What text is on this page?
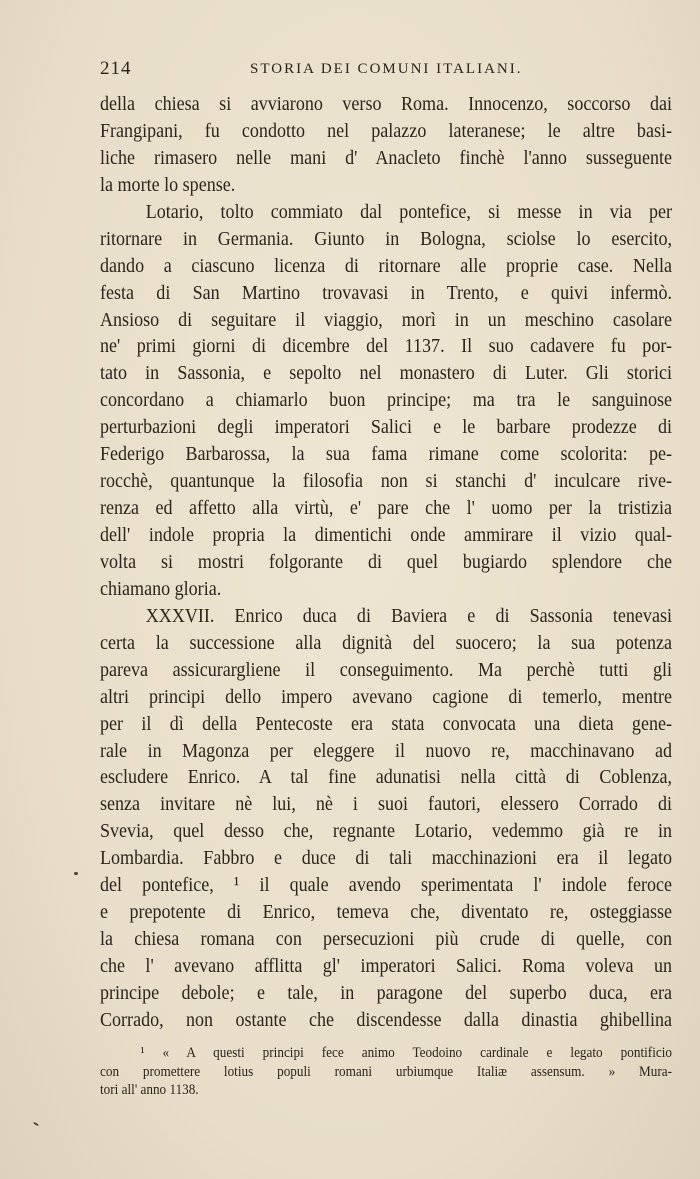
214	STORIA DEI COMUNI ITALIANI.
della chiesa si avviarono verso Roma. Innocenzo, soccorso dai
Frangipani, fu condotto nel palazzo lateranese; le altre basi-
liche rimasero nelle mani d' Anacleto finchè l'anno susseguente
la morte lo spense.
Lotario, tolto commiato dal pontefice, si messe in via per
ritornare in Germania. Giunto in Bologna, sciolse lo esercito,
dando a ciascuno licenza di ritornare alle proprie case. Nella
festa di San Martino trovavasi in Trento, e quivi infermò.
Ansioso di seguitare il viaggio, morì in un meschino casolare
ne' primi giorni di dicembre del 1137. Il suo cadavere fu por-
tato in Sassonia, e sepolto nel monastero di Luter. Gli storici
concordano a chiamarlo buon principe; ma tra le sanguinose
perturbazioni degli imperatori Salici e le barbare prodezze di
Federigo Barbarossa, la sua fama rimane come scolorita: pe-
rocchè, quantunque la filosofia non si stanchi d' inculcare rive-
renza ed affetto alla virtù, e' pare che l' uomo per la tristizia
dell' indole propria la dimentichi onde ammirare il vizio qual-
volta si mostri folgorante di quel bugiardo splendore che
chiamano gloria.
XXXVII. Enrico duca di Baviera e di Sassonia tenevasi
certa la successione alla dignità del suocero; la sua potenza
pareva assicurargliene il conseguimento. Ma perchè tutti gli
altri principi dello impero avevano cagione di temerlo, mentre
per il dì della Pentecoste era stata convocata una dieta gene-
rale in Magonza per eleggere il nuovo re, macchinavano ad
escludere Enrico. A tal fine adunatisi nella città di Coblenza,
senza invitare nè lui, nè i suoi fautori, elessero Corrado di
Svevia, quel desso che, regnante Lotario, vedemmo già re in
Lombardia. Fabbro e duce di tali macchinazioni era il legato
del pontefice, ¹ il quale avendo sperimentata l' indole feroce
e prepotente di Enrico, temeva che, diventato re, osteggiasse
la chiesa romana con persecuzioni più crude di quelle, con
che l' avevano afflitta gl' imperatori Salici. Roma voleva un
principe debole; e tale, in paragone del superbo duca, era
Corrado, non ostante che discendesse dalla dinastia ghibellina
¹ « A questi principi fece animo Teodoino cardinale e legato pontificio
con promettere lotius populi romani urbiumque Italiæ assensum. » Mura-
tori all' anno 1138.
